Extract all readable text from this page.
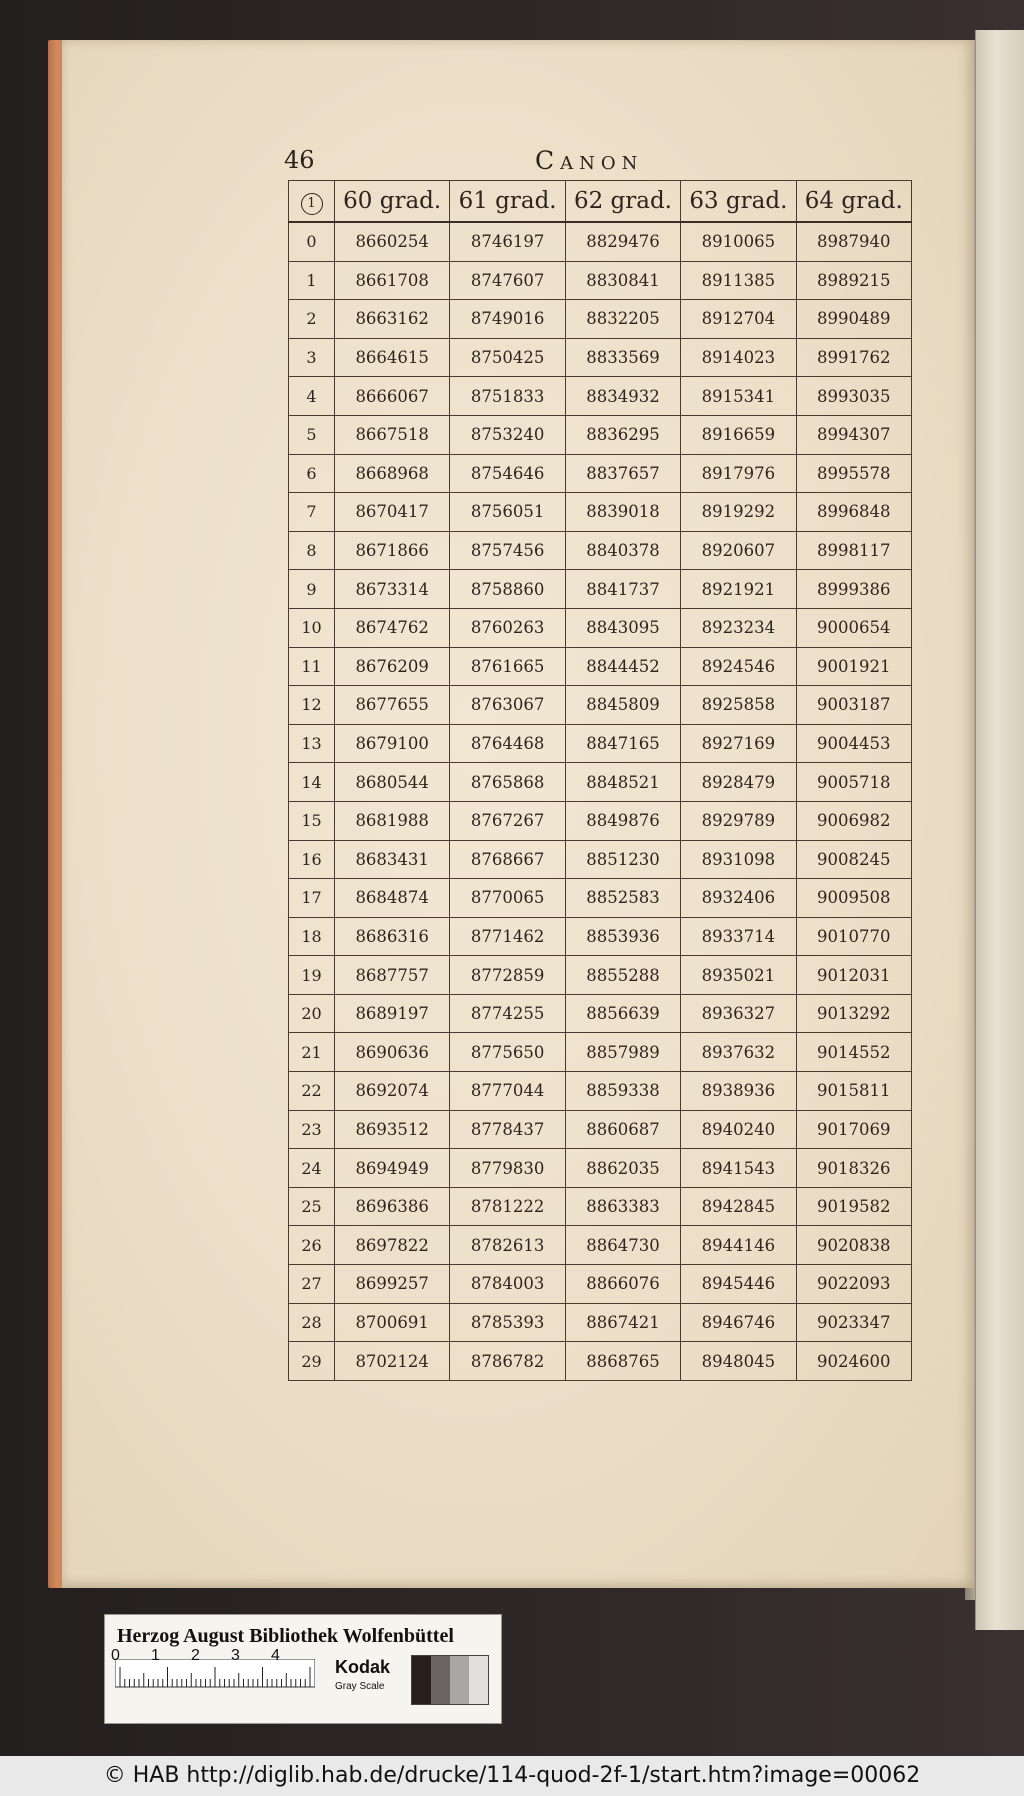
46	Canon
1	60 grad.	61 grad.	62 grad.	63 grad.	64 grad.
0	8660254	8746197	8829476	8910065	8987940
1	8661708	8747607	8830841	8911385	8989215
2	8663162	8749016	8832205	8912704	8990489
3	8664615	8750425	8833569	8914023	8991762
4	8666067	8751833	8834932	8915341	8993035
5	8667518	8753240	8836295	8916659	8994307
6	8668968	8754646	8837657	8917976	8995578
7	8670417	8756051	8839018	8919292	8996848
8	8671866	8757456	8840378	8920607	8998117
9	8673314	8758860	8841737	8921921	8999386
10	8674762	8760263	8843095	8923234	9000654
11	8676209	8761665	8844452	8924546	9001921
12	8677655	8763067	8845809	8925858	9003187
13	8679100	8764468	8847165	8927169	9004453
14	8680544	8765868	8848521	8928479	9005718
15	8681988	8767267	8849876	8929789	9006982
16	8683431	8768667	8851230	8931098	9008245
17	8684874	8770065	8852583	8932406	9009508
18	8686316	8771462	8853936	8933714	9010770
19	8687757	8772859	8855288	8935021	9012031
20	8689197	8774255	8856639	8936327	9013292
21	8690636	8775650	8857989	8937632	9014552
22	8692074	8777044	8859338	8938936	9015811
23	8693512	8778437	8860687	8940240	9017069
24	8694949	8779830	8862035	8941543	9018326
25	8696386	8781222	8863383	8942845	9019582
26	8697822	8782613	8864730	8944146	9020838
27	8699257	8784003	8866076	8945446	9022093
28	8700691	8785393	8867421	8946746	9023347
29	8702124	8786782	8868765	8948045	9024600
Herzog August Bibliothek Wolfenbüttel
0 1 2 3 4
Kodak
Gray Scale
© HAB http://diglib.hab.de/drucke/114-quod-2f-1/start.htm?image=00062
